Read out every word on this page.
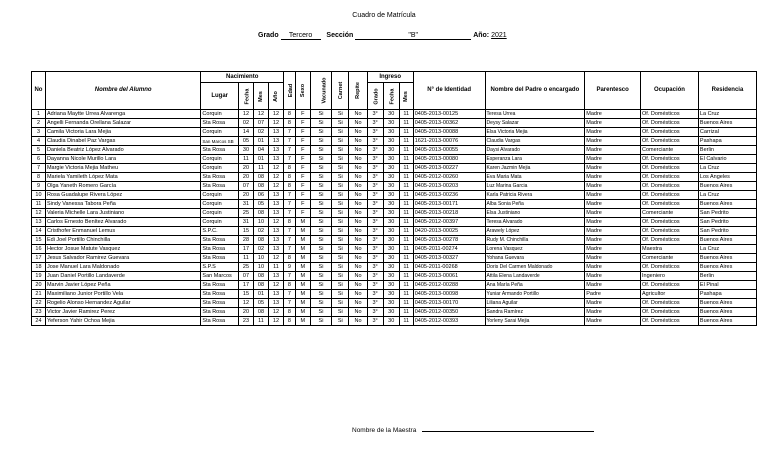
Cuadro de Matrícula
Grado Tercero Sección	"B"	Año: 2021
No	Nombre del Alumno	Nacimiento				Edad	Sexo	Vacunado	Carnet	Repite	Ingreso			N° de Identidad	Nombre del Padre o encargado	Parentesco	Ocupación	Residencia
		Lugar	Fecha	Mes	Año						Grado	Fecha	Mes					
1	Adriana Maytte Urrea Alvarenga	Corquin	12	12	12	8	F	Si	Si	No	3°	30	11	0405-2013-00125	Teresa Urrea	Madre	Of. Domésticos	La Cruz
2	Angelli Fernanda Orellana Salazar	Sta Rosa	02	07	12	8	F	Si	Si	No	3°	30	11	0405-2013-00362	Deysy Salazar	Madre	Of. Domésticos	Buenos Aires
3	Camila Victoria Lara Mejia	Corquin	14	02	13	7	F	Si	Si	No	3°	30	11	0405-2013-00088	Elsa Victoria Mejia	Madre	Of. Domésticos	Carrizal
4	Claudia Dinabel Paz Vargas	San Marcos SB	05	01	13	7	F	Si	Si	No	3°	30	11	1621-2013-00076	Claudia Vargas	Madre	Of. Domésticos	Pashapa
5	Daniela Beatriz López Alvarado	Sta Rosa	30	04	13	7	F	Si	Si	No	3°	30	11	0405-2013-00055	Daysi Alvarado	Madre	Comerciante	Berlin
6	Dayanna Nicole Murillo Lara	Corquin	11	01	13	7	F	Si	Si	No	3°	30	11	0405-2013-00080	Esperanza Lara	Madre	Of. Domésticos	El Calvario
7	Margie Victoria Mejia Matheu	Corquin	20	11	12	8	F	Si	Si	No	3°	30	11	0405-2013-00227	Karen Jazmin Mejia	Madre	Of. Domésticos	La Cruz
8	Mariela Yamileth López Mata	Sta Rosa	20	08	12	8	F	Si	Si	No	3°	30	11	0405-2012-00260	Eva Maria Mata	Madre	Of. Domésticos	Los Angeles
9	Olga Yaneth Romero García	Sta Rosa	07	08	12	8	F	Si	Si	No	3°	30	11	0405-2013-00203	Luz Marina Garcia	Madre	Of. Domésticos	Buenos Aires
10	Rosa Guadalupe Rivera López	Corquin	20	06	13	7	F	Si	Si	No	3°	30	11	0405-2013-00236	Karla Patricia Rivera	Madre	Of. Domésticos	La Cruz
11	Sindy Vanessa Tabora Peña	Corquin	31	05	13	7	F	Si	Si	No	3°	30	11	0405-2013-00171	Alba Sonia Peña	Madre	Of. Domésticos	Buenos Aires
12	Valeria Michelle Lara Justiniano	Corquin	25	08	13	7	F	Si	Si	No	3°	30	11	0405-2013-00218	Elsa Justiniano	Madre	Comerciante	San Pedrito
13	Carlos Ernesto Benítez Alvarado	Corquin	31	10	12	8	M	Si	Si	No	3°	30	11	0405-2012-00397	Teresa Alvarado	Madre	Of. Domésticos	San Pedrito
14	Cristhofer Enmanuel Lemus	S.P.C.	15	02	13	7	M	Si	Si	No	3°	30	11	0420-2013-00025	Arawely López	Madre	Of. Domésticos	San Pedrito
15	Edi Joel Portillo Chinchilla	Sta Rosa	28	08	13	7	M	Si	Si	No	3°	30	11	0405-2013-00278	Rudy M. Chinchilla	Madre	Of. Domésticos	Buenos Aires
16	Hector Josue Matute Vasquez	Sta Rosa	17	02	13	7	M	Si	Si	No	3°	30	11	0405-2011-00274	Lorena Vasquez	Madre	Maestra	La Cruz
17	Jesus Salvador Ramirez Guevara	Sta Rosa	11	10	12	8	M	Si	Si	No	3°	30	11	0405-2013-00327	Yohana Guevara	Madre	Comerciante	Buenos Aires
18	Jose Manuel Lara Maldonado	S.P.S	25	10	11	9	M	Si	Si	No	3°	30	11	0405-2011-00268	Doris Del Carmen Maldonado	Madre	Of. Domésticos	Buenos Aires
19	Juan Daniel Portillo Landaverde	San Marcos	07	08	13	7	M	Si	Si	No	3°	30	11	0405-2013-00061	Attila Elena Landaverde	Madre	Ingeniero	Berlin
20	Marvin Javier López Peña	Sta Rosa	17	08	12	8	M	Si	Si	No	3°	30	11	0405-2012-00288	Ana María Peña	Madre	Of. Domésticos	El Pinal
21	Maximiliano Junior Portillo Vela	Sta Rosa	15	01	13	7	M	Si	Si	No	3°	30	11	0405-2013-00098	Yuniar Armando Portillo	Padre	Agricultor	Pashapa
22	Rogelio Alonso Hernandez Aguilar	Sta Rosa	12	05	13	7	M	Si	Si	No	3°	30	11	0405-2013-00170	Liliana Aguilar	Madre	Of. Domésticos	Buenos Aires
23	Victor Javier Ramirez Perez	Sta Rosa	20	08	12	8	M	Si	Si	No	3°	30	11	0405-2012-00350	Sandra Ramírez	Madre	Of. Domésticos	Buenos Aires
24	Yeferson Yahir Ochoa Mejia	Sta Rosa	23	11	12	8	M	Si	Si	No	3°	30	11	0405-2012-00393	Yorleny Sarai Mejia	Madre	Of. Domésticos	Buenos Aires
Nombre de la Maestra
